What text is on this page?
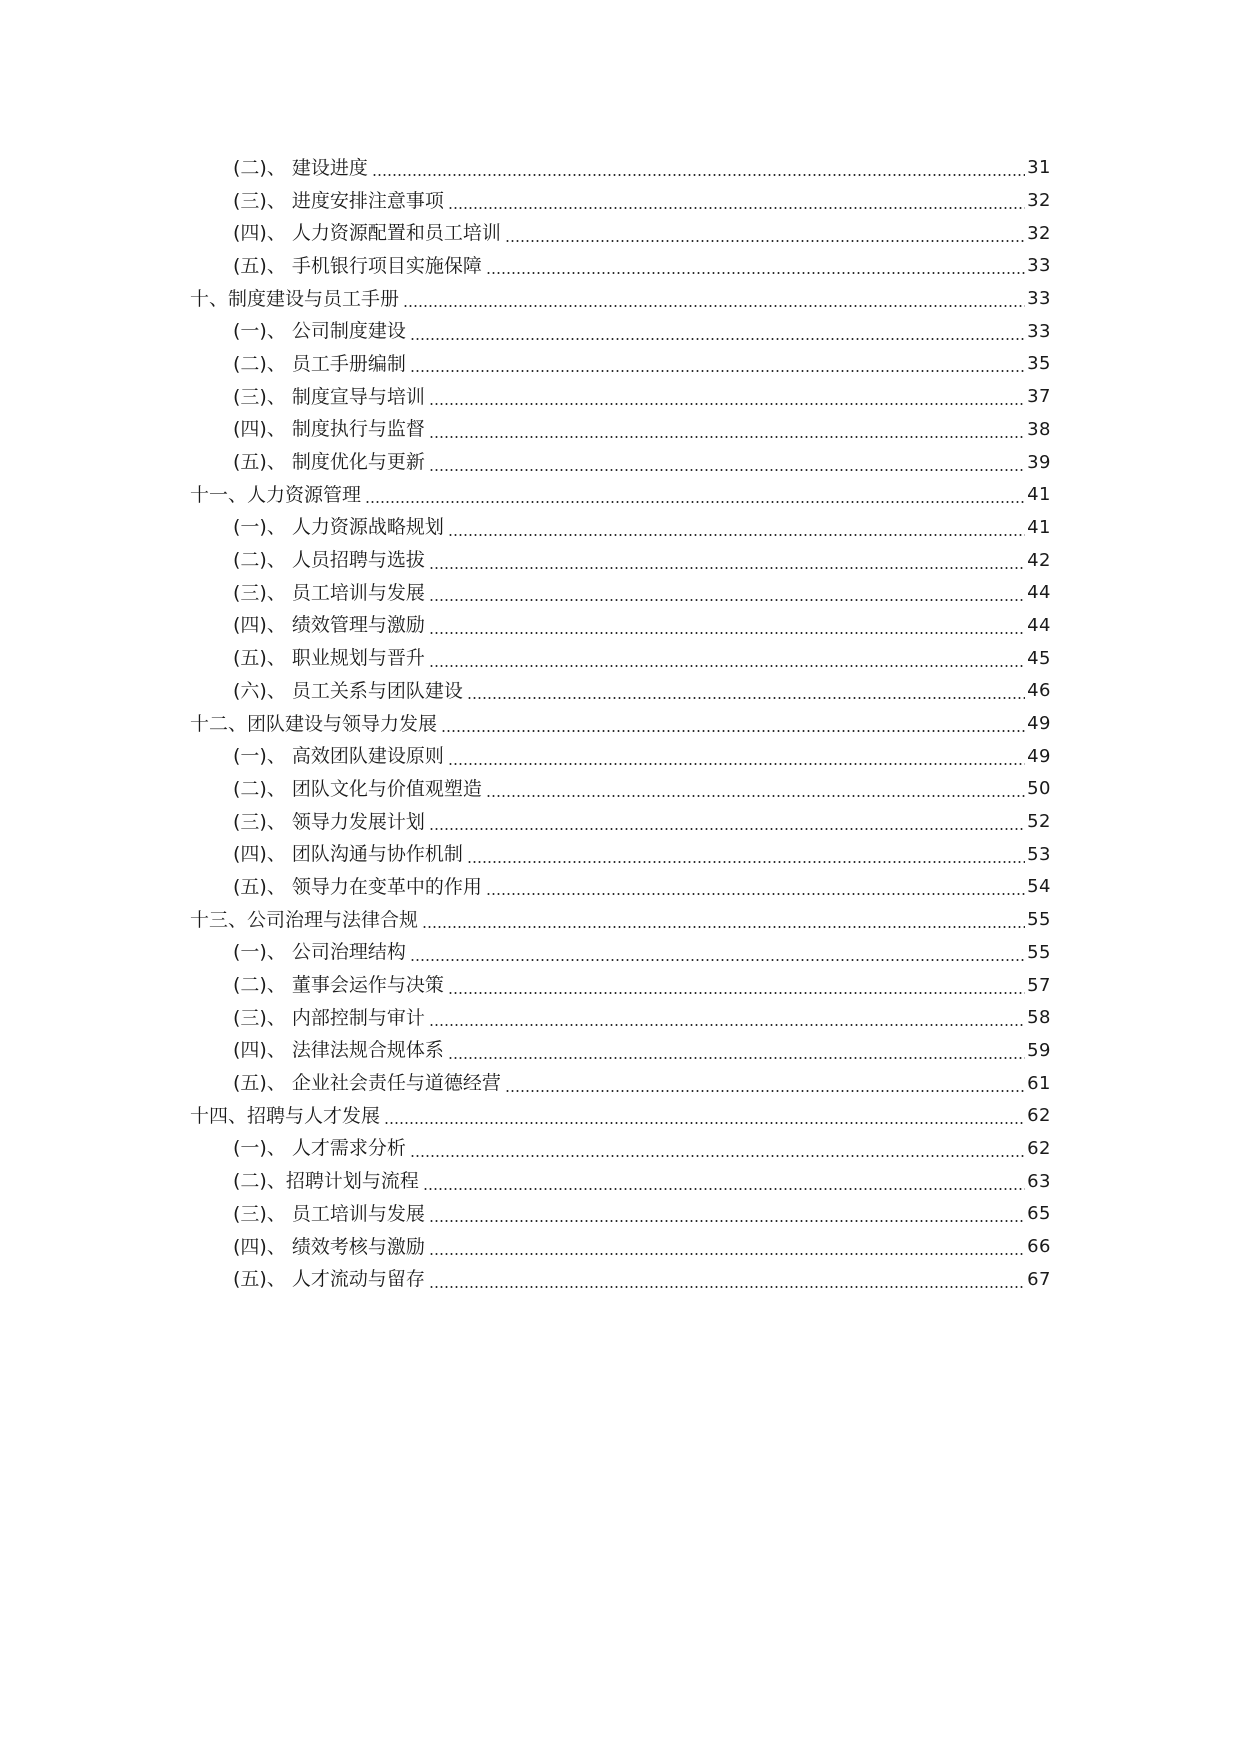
(二)、 建设进度	31
(三)、 进度安排注意事项	32
(四)、 人力资源配置和员工培训	32
(五)、 手机银行项目实施保障	33
十、制度建设与员工手册	33
(一)、 公司制度建设	33
(二)、 员工手册编制	35
(三)、 制度宣导与培训	37
(四)、 制度执行与监督	38
(五)、 制度优化与更新	39
十一、人力资源管理	41
(一)、 人力资源战略规划	41
(二)、 人员招聘与选拔	42
(三)、 员工培训与发展	44
(四)、 绩效管理与激励	44
(五)、 职业规划与晋升	45
(六)、 员工关系与团队建设	46
十二、团队建设与领导力发展	49
(一)、 高效团队建设原则	49
(二)、 团队文化与价值观塑造	50
(三)、 领导力发展计划	52
(四)、 团队沟通与协作机制	53
(五)、 领导力在变革中的作用	54
十三、公司治理与法律合规	55
(一)、 公司治理结构	55
(二)、 董事会运作与决策	57
(三)、 内部控制与审计	58
(四)、 法律法规合规体系	59
(五)、 企业社会责任与道德经营	61
十四、招聘与人才发展	62
(一)、 人才需求分析	62
(二)、招聘计划与流程	63
(三)、 员工培训与发展	65
(四)、 绩效考核与激励	66
(五)、 人才流动与留存	67
